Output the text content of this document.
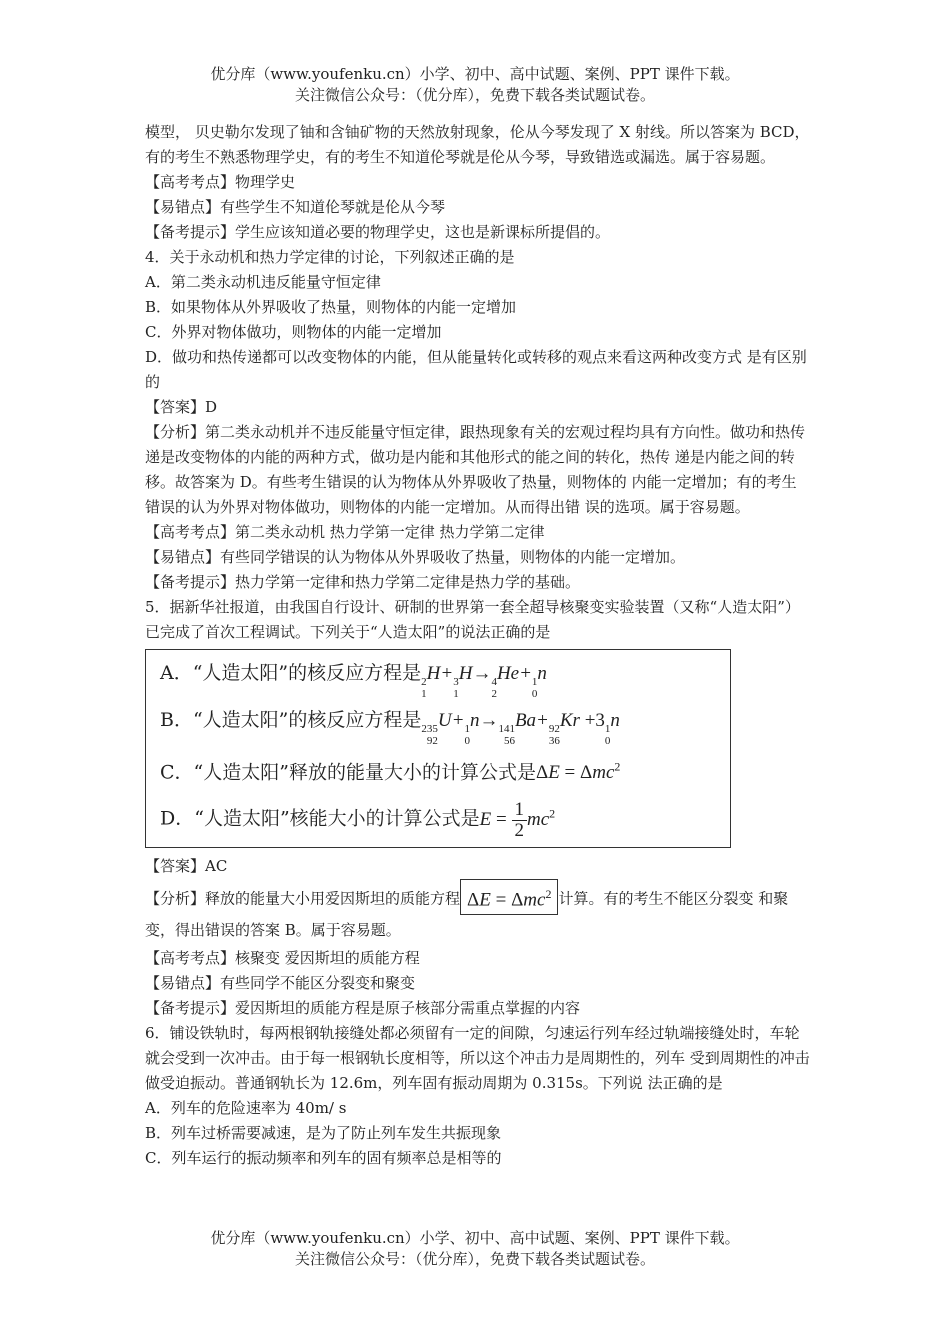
优分库（www.youfenku.cn）小学、初中、高中试题、案例、PPT 课件下载。
关注微信公众号：（优分库），免费下载各类试题试卷。

模型， 贝史勒尔发现了铀和含铀矿物的天然放射现象，伦从今琴发现了 X 射线。所以答案为 BCD， 有的考生不熟悉物理学史，有的考生不知道伦琴就是伦从今琴，导致错选或漏选。属于容易题。

【高考考点】物理学史

【易错点】有些学生不知道伦琴就是伦从今琴

【备考提示】学生应该知道必要的物理学史，这也是新课标所提倡的。

4．关于永动机和热力学定律的讨论，下列叙述正确的是

A．第二类永动机违反能量守恒定律

B．如果物体从外界吸收了热量，则物体的内能一定增加

C．外界对物体做功，则物体的内能一定增加

D．做功和热传递都可以改变物体的内能，但从能量转化或转移的观点来看这两种改变方式 是有区别的

【答案】D

【分析】第二类永动机并不违反能量守恒定律，跟热现象有关的宏观过程均具有方向性。做功和热传递是改变物体的内能的两种方式，做功是内能和其他形式的能之间的转化，热传 递是内能之间的转移。故答案为 D。有些考生错误的认为物体从外界吸收了热量，则物体的 内能一定增加；有的考生错误的认为外界对物体做功，则物体的内能一定增加。从而得出错 误的选项。属于容易题。

【高考考点】第二类永动机 热力学第一定律 热力学第二定律

【易错点】有些同学错误的认为物体从外界吸收了热量，则物体的内能一定增加。

【备考提示】热力学第一定律和热力学第二定律是热力学的基础。

5．据新华社报道，由我国自行设计、研制的世界第一套全超导核聚变实验装置（又称“人造太阳”）已完成了首次工程调试。下列关于“人造太阳”的说法正确的是

A．“人造太阳”的核反应方程是 2
1
H+ 3
1
H→ 4
2
He+ 1
0
n
B．“人造太阳”的核反应方程是 235
92
U+ 1
0
n→ 141
56
Ba+ 92
36
Kr +3 1
0
n
C．“人造太阳”释放的能量大小的计算公式是ΔE = Δmc$^2$
D．“人造太阳”核能大小的计算公式是$E = \frac{1}{2} mc^2$

【答案】AC

【分析】释放的能量大小用爱因斯坦的质能方程 ΔE = Δmc$^2$ 计算。有的考生不能区分裂变 和聚变，得出错误的答案 B。属于容易题。

【高考考点】核聚变 爱因斯坦的质能方程

【易错点】有些同学不能区分裂变和聚变

【备考提示】爱因斯坦的质能方程是原子核部分需重点掌握的内容

6．铺设铁轨时，每两根钢轨接缝处都必须留有一定的间隙，匀速运行列车经过轨端接缝处时，车轮就会受到一次冲击。由于每一根钢轨长度相等，所以这个冲击力是周期性的，列车 受到周期性的冲击做受迫振动。普通钢轨长为 12.6m，列车固有振动周期为 0.315s。下列说 法正确的是

A．列车的危险速率为 40m/ s

B．列车过桥需要减速，是为了防止列车发生共振现象

C．列车运行的振动频率和列车的固有频率总是相等的

优分库（www.youfenku.cn）小学、初中、高中试题、案例、PPT 课件下载。
关注微信公众号：（优分库），免费下载各类试题试卷。
